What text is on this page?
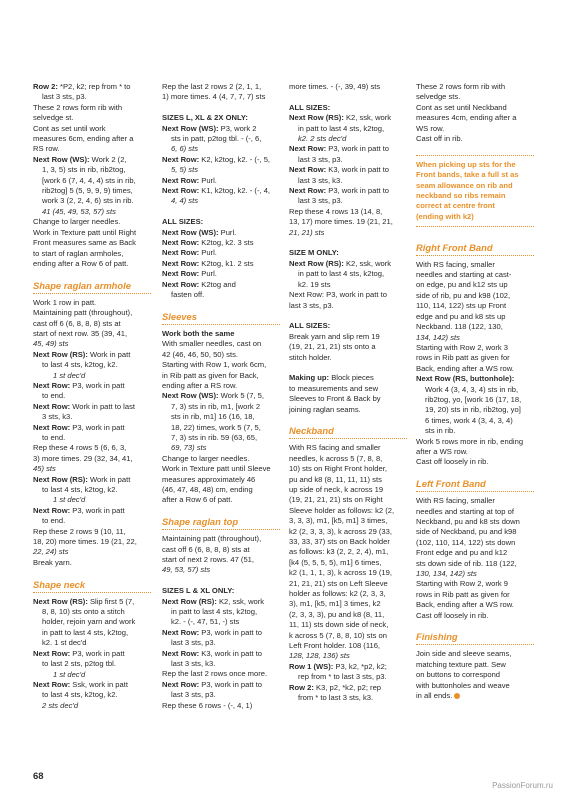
Row 2: *P2, k2; rep from * to

last 3 sts, p3.

These 2 rows form rib with

selvedge st.

Cont as set until work

measures 6cm, ending after a

RS row.

Next Row (WS): Work 2 (2,

1, 3, 5) sts in rib, rib2tog,

[work 6 (7, 4, 4, 4) sts in rib,

rib2tog] 5 (5, 9, 9, 9) times,

work 3 (2, 2, 4, 6) sts in rib.

41 (45, 49, 53, 57) sts

Change to larger needles.

Work in Texture patt until Right

Front measures same as Back

to start of raglan armholes,

ending after a Row 6 of patt.

Shape raglan armhole

Work 1 row in patt.

Maintaining patt (throughout),

cast off 6 (6, 8, 8, 8) sts at

start of next row. 35 (39, 41,

45, 49) sts

Next Row (RS): Work in patt

to last 4 sts, k2tog, k2.

1 st dec'd

Next Row: P3, work in patt

to end.

Next Row: Work in patt to last

3 sts, k3.

Next Row: P3, work in patt

to end.

Rep these 4 rows 5 (6, 6, 3,

3) more times. 29 (32, 34, 41,

45) sts

Next Row (RS): Work in patt

to last 4 sts, k2tog, k2.

1 st dec'd

Next Row: P3, work in patt

to end.

Rep these 2 rows 9 (10, 11,

18, 20) more times. 19 (21, 22,

22, 24) sts

Break yarn.

Shape neck

Next Row (RS): Slip first 5 (7,

8, 8, 10) sts onto a stitch

holder, rejoin yarn and work

in patt to last 4 sts, k2tog,

k2. 1 st dec'd

Next Row: P3, work in patt

to last 2 sts, p2tog tbl.

1 st dec'd

Next Row: Ssk, work in patt

to last 4 sts, k2tog, k2.

2 sts dec'd

Rep the last 2 rows 2 (2, 1, 1,

1) more times. 4 (4, 7, 7, 7) sts

SIZES L, XL & 2X ONLY:

Next Row (WS): P3, work 2

sts in patt, p2tog tbl. - (-, 6,

6, 6) sts

Next Row: K2, k2tog, k2. - (-, 5,

5, 5) sts

Next Row: Purl.

Next Row: K1, k2tog, k2. - (-, 4,

4, 4) sts

ALL SIZES:

Next Row (WS): Purl.

Next Row: K2tog, k2. 3 sts

Next Row: Purl.

Next Row: K2tog, k1. 2 sts

Next Row: Purl.

Next Row: K2tog and

fasten off.

Sleeves

Work both the same

With smaller needles, cast on

42 (46, 46, 50, 50) sts.

Starting with Row 1, work 6cm,

in Rib patt as given for Back,

ending after a RS row.

Next Row (WS): Work 5 (7, 5,

7, 3) sts in rib, m1, [work 2

sts in rib, m1] 16 (16, 18,

18, 22) times, work 5 (7, 5,

7, 3) sts in rib. 59 (63, 65,

69, 73) sts

Change to larger needles.

Work in Texture patt until Sleeve

measures approximately 46

(46, 47, 48, 48) cm, ending

after a Row 6 of patt.

Shape raglan top

Maintaining patt (throughout),

cast off 6 (6, 8, 8, 8) sts at

start of next 2 rows. 47 (51,

49, 53, 57) sts

SIZES L & XL ONLY:

Next Row (RS): K2, ssk, work

in patt to last 4 sts, k2tog,

k2. - (-, 47, 51, -) sts

Next Row: P3, work in patt to

last 3 sts, p3.

Next Row: K3, work in patt to

last 3 sts, k3.

Rep the last 2 rows once more.

Next Row: P3, work in patt to

last 3 sts, p3.

Rep these 6 rows - (-, 4, 1)

more times. - (-, 39, 49) sts

ALL SIZES:

Next Row (RS): K2, ssk, work

in patt to last 4 sts, k2tog,

k2. 2 sts dec'd

Next Row: P3, work in patt to

last 3 sts, p3.

Next Row: K3, work in patt to

last 3 sts, k3.

Next Row: P3, work in patt to

last 3 sts, p3.

Rep these 4 rows 13 (14, 8,

13, 17) more times. 19 (21, 21,

21, 21) sts

SIZE M ONLY:

Next Row (RS): K2, ssk, work

in patt to last 4 sts, k2tog,

k2. 19 sts

Next Row: P3, work in patt to

last 3 sts, p3.

ALL SIZES:

Break yarn and slip rem 19

(19, 21, 21, 21) sts onto a

stitch holder.

Making up: Block pieces

to measurements and sew

Sleeves to Front & Back by

joining raglan seams.

Neckband

With RS facing and smaller

needles, k across 5 (7, 8, 8,

10) sts on Right Front holder,

pu and k8 (8, 11, 11, 11) sts

up side of neck, k across 19

(19, 21, 21, 21) sts on Right

Sleeve holder as follows: k2 (2,

3, 3, 3), m1, [k5, m1] 3 times,

k2 (2, 3, 3, 3), k across 29 (33,

33, 33, 37) sts on Back holder

as follows: k3 (2, 2, 2, 4), m1,

[k4 (5, 5, 5, 5), m1] 6 times,

k2 (1, 1, 1, 3), k across 19 (19,

21, 21, 21) sts on Left Sleeve

holder as follows: k2 (2, 3, 3,

3), m1, [k5, m1] 3 times, k2

(2, 3, 3, 3), pu and k8 (8, 11,

11, 11) sts down side of neck,

k across 5 (7, 8, 8, 10) sts on

Left Front holder. 108 (116,

128, 128, 136) sts

Row 1 (WS): P3, k2, *p2, k2;

rep from * to last 3 sts, p3.

Row 2: K3, p2, *k2, p2; rep

from * to last 3 sts, k3.

These 2 rows form rib with

selvedge sts.

Cont as set until Neckband

measures 4cm, ending after a

WS row.

Cast off in rib.

When picking up sts for the

Front bands, take a full st as

seam allowance on rib and

neckband so ribs remain

correct at centre front

(ending with k2)

Right Front Band

With RS facing, smaller

needles and starting at cast-

on edge, pu and k12 sts up

side of rib, pu and k98 (102,

110, 114, 122) sts up Front

edge and pu and k8 sts up

Neckband. 118 (122, 130,

134, 142) sts

Starting with Row 2, work 3

rows in Rib patt as given for

Back, ending after a WS row.

Next Row (RS, buttonhole):

Work 4 (3, 4, 3, 4) sts in rib,

rib2tog, yo, [work 16 (17, 18,

19, 20) sts in rib, rib2tog, yo]

6 times, work 4 (3, 4, 3, 4)

sts in rib.

Work 5 rows more in rib, ending

after a WS row.

Cast off loosely in rib.

Left Front Band

With RS facing, smaller

needles and starting at top of

Neckband, pu and k8 sts down

side of Neckband, pu and k98

(102, 110, 114, 122) sts down

Front edge and pu and k12

sts down side of rib. 118 (122,

130, 134, 142) sts

Starting with Row 2, work 9

rows in Rib patt as given for

Back, ending after a WS row.

Cast off loosely in rib.

Finishing

Join side and sleeve seams,

matching texture patt. Sew

on buttons to correspond

with buttonholes and weave

in all ends.

68
PassionForum.ru
